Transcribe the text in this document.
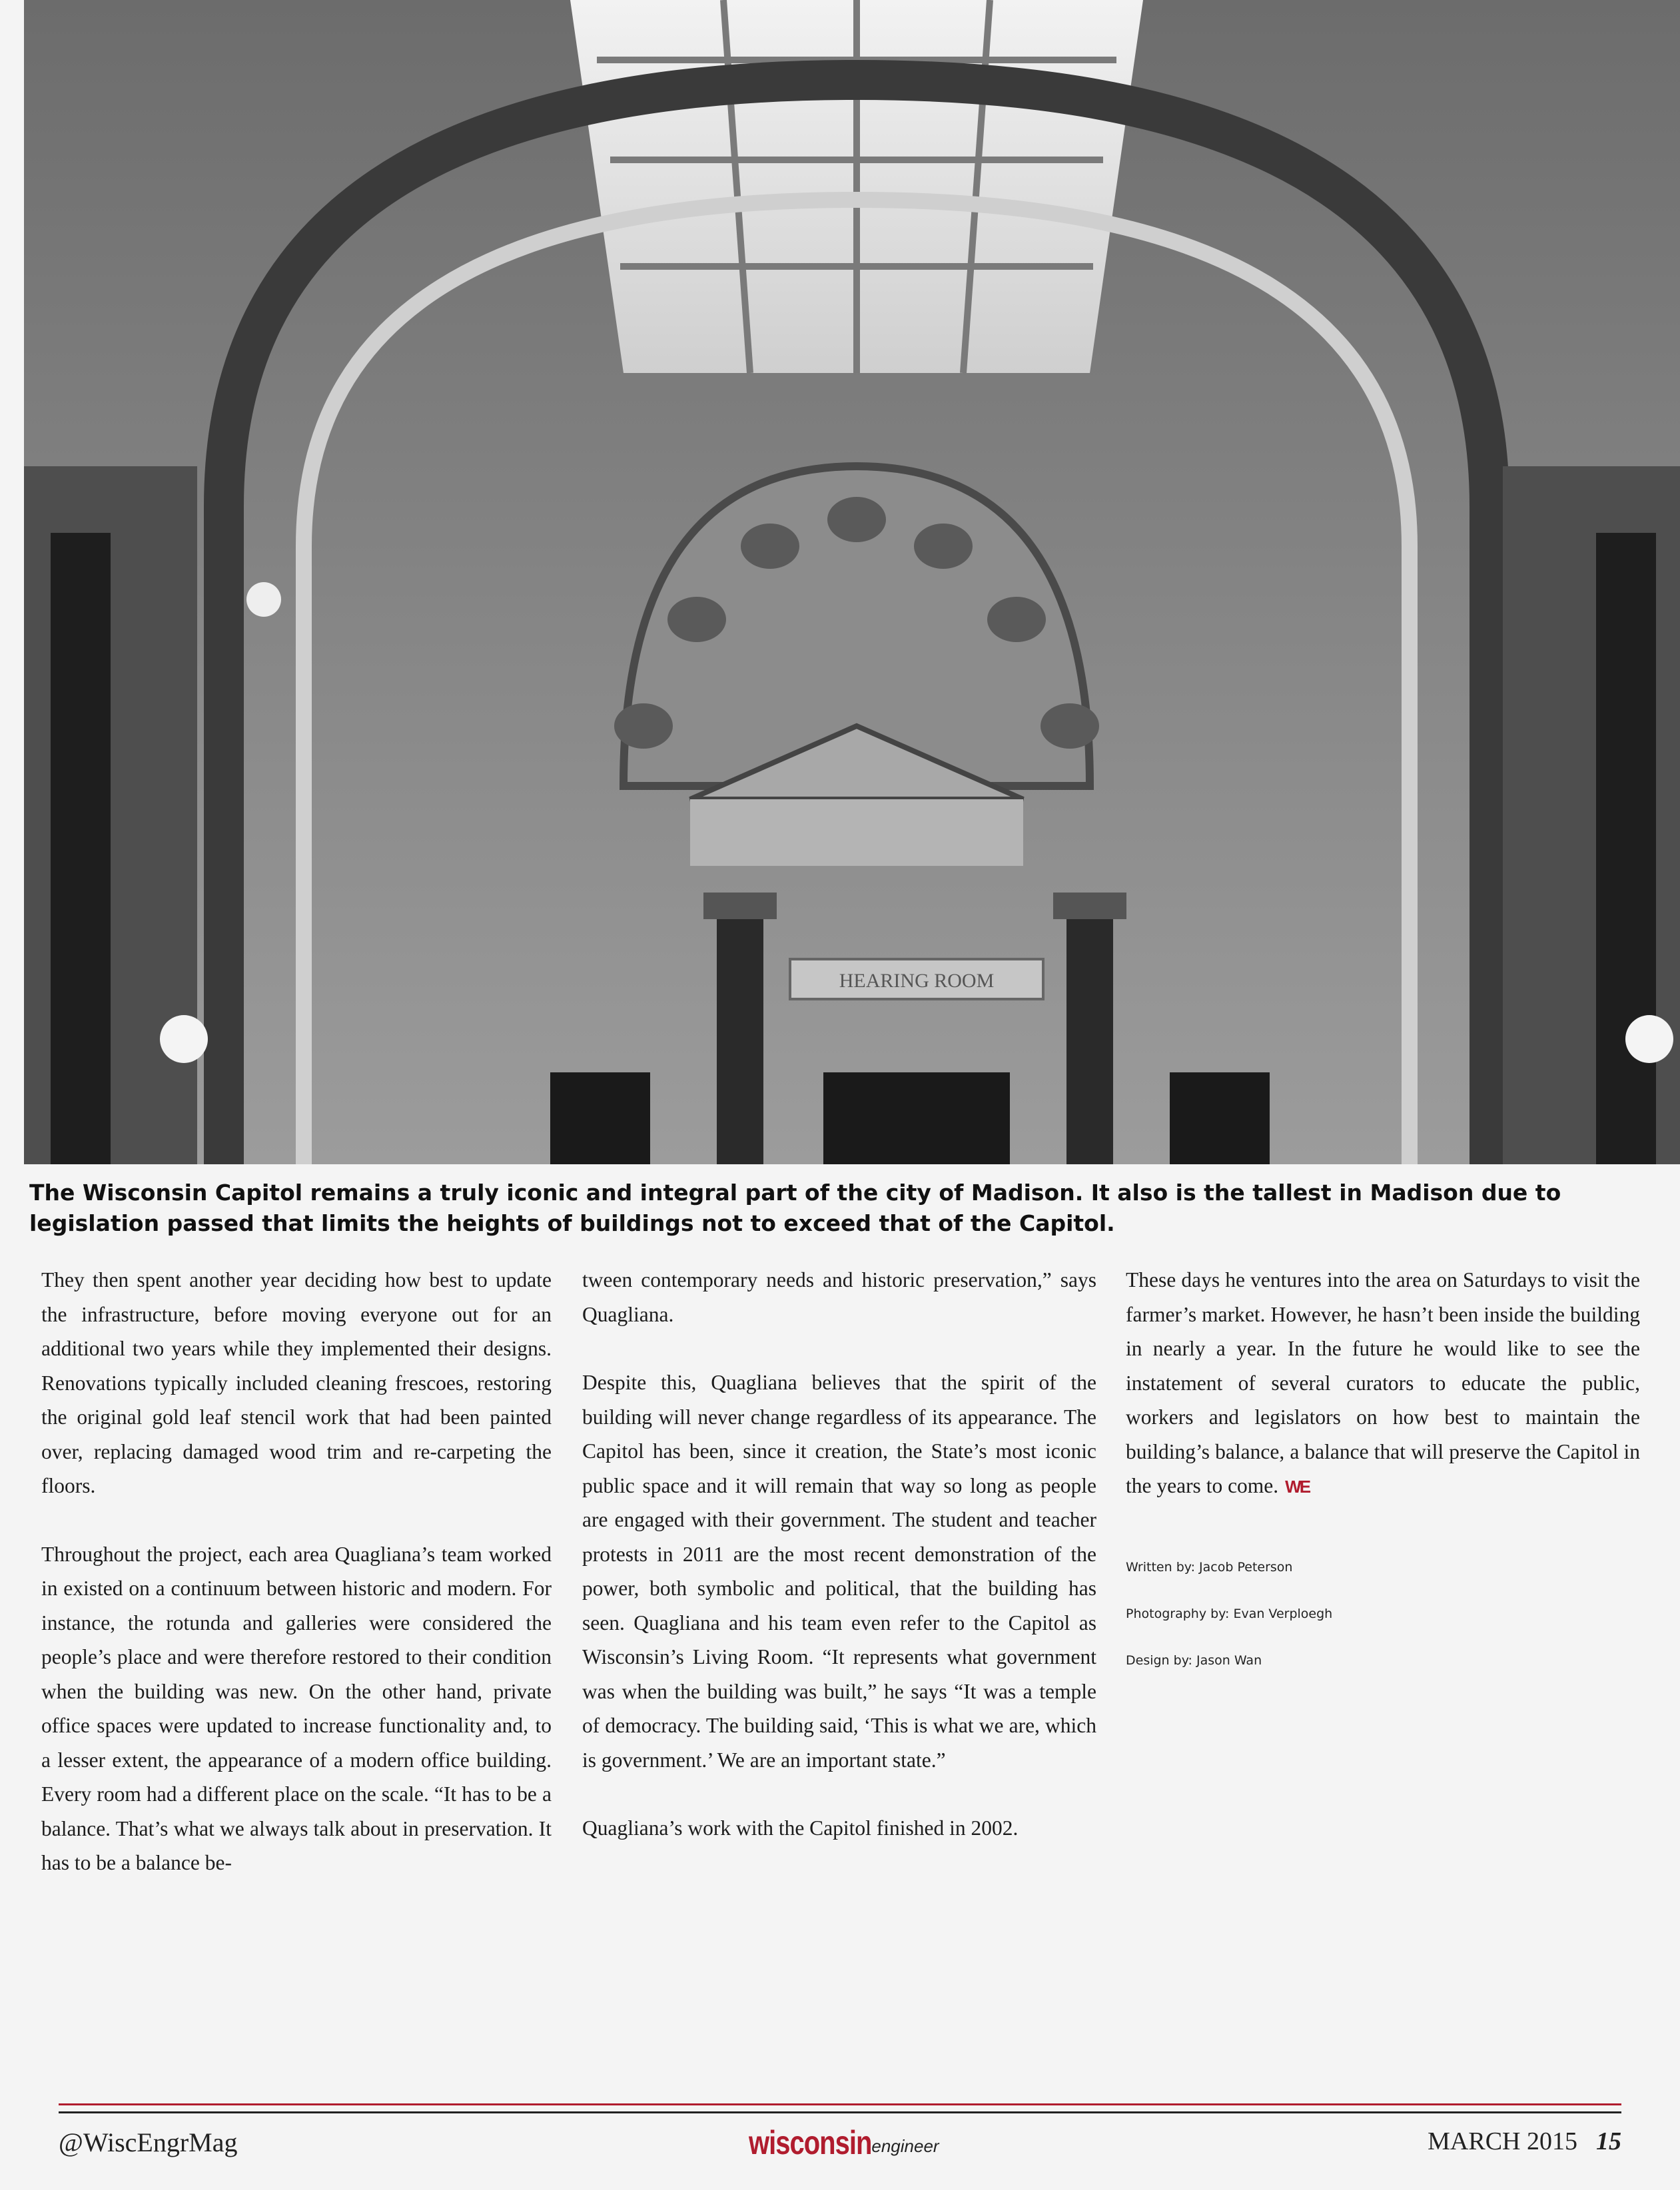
HEARING ROOM
The Wisconsin Capitol remains a truly iconic and integral part of the city of Madison. It also is the tallest in Madison due to legislation passed that limits the heights of buildings not to exceed that of the Capitol.

They then spent another year deciding how best to update the infrastructure, before moving everyone out for an additional two years while they implemented their designs. Renovations typically included cleaning frescoes, restoring the original gold leaf stencil work that had been painted over, replacing damaged wood trim and re-carpeting the floors.

Throughout the project, each area Quagliana’s team worked in existed on a continuum between historic and modern. For instance, the rotunda and galleries were considered the people’s place and were therefore restored to their condition when the building was new. On the other hand, private office spaces were updated to increase functionality and, to a lesser extent, the appearance of a modern office building. Every room had a different place on the scale. “It has to be a balance. That’s what we always talk about in preservation. It has to be a balance be-

tween contemporary needs and historic preservation,” says Quagliana.

Despite this, Quagliana believes that the spirit of the building will never change regardless of its appearance. The Capitol has been, since it creation, the State’s most iconic public space and it will remain that way so long as people are engaged with their government. The student and teacher protests in 2011 are the most recent demonstration of the power, both symbolic and political, that the building has seen. Quagliana and his team even refer to the Capitol as Wisconsin’s Living Room. “It represents what government was when the building was built,” he says “It was a temple of democracy. The building said, ‘This is what we are, which is government.’ We are an important state.”

Quagliana’s work with the Capitol finished in 2002.

These days he ventures into the area on Saturdays to visit the farmer’s market. However, he hasn’t been inside the building in nearly a year. In the future he would like to see the instatement of several curators to educate the public, workers and legislators on how best to maintain the building’s balance, a balance that will preserve the Capitol in the years to come. WE

Written by: Jacob Peterson
Photography by: Evan Verploegh
Design by: Jason Wan
@WiscEngrMag	wisconsinengineer	MARCH 2015 15
